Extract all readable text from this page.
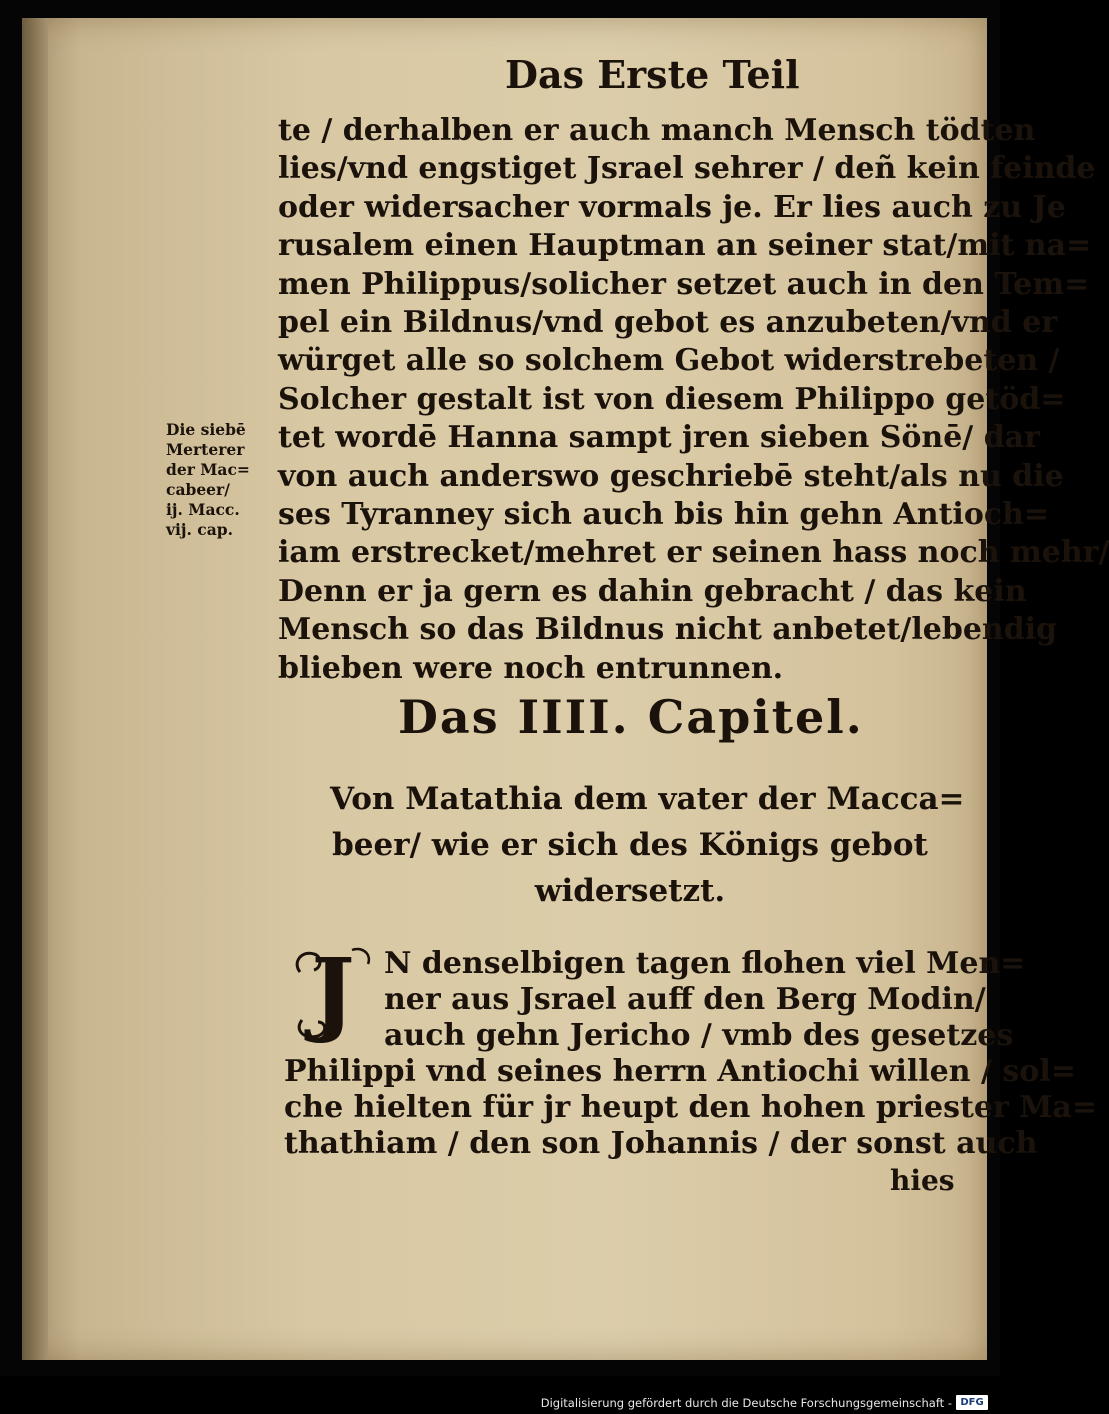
Das Erste Teil
te / derhalben er auch manch Mensch tödten
lies/vnd engstiget Jsrael sehrer / deñ kein feinde
oder widersacher vormals je. Er lies auch zu Je
rusalem einen Hauptman an seiner stat/mit na=
men Philippus/solicher setzet auch in den Tem=
pel ein Bildnus/vnd gebot es anzubeten/vnd er
würget alle so solchem Gebot widerstrebeten /
Solcher gestalt ist von diesem Philippo getöd=
tet wordē Hanna sampt jren sieben Sönē/ dar
von auch anderswo geschriebē steht/als nu die
ses Tyranney sich auch bis hin gehn Antioch=
iam erstrecket/mehret er seinen hass noch mehr/
Denn er ja gern es dahin gebracht / das kein
Mensch so das Bildnus nicht anbetet/lebendig
blieben were noch entrunnen.
Die siebē
Merterer
der Mac=
cabeer/
ij. Macc.
vij. cap.
Das IIII. Capitel.
Von Matathia dem vater der Macca=
beer/ wie er sich des Königs gebot
widersetzt.
J N denselbigen tagen flohen viel Men=
ner aus Jsrael auff den Berg Modin/
auch gehn Jericho / vmb des gesetzes
Philippi vnd seines herrn Antiochi willen / sol=
che hielten für jr heupt den hohen priester Ma=
thathiam / den son Johannis / der sonst auch
hies
Digitalisierung gefördert durch die Deutsche Forschungsgemeinschaft - DFG
